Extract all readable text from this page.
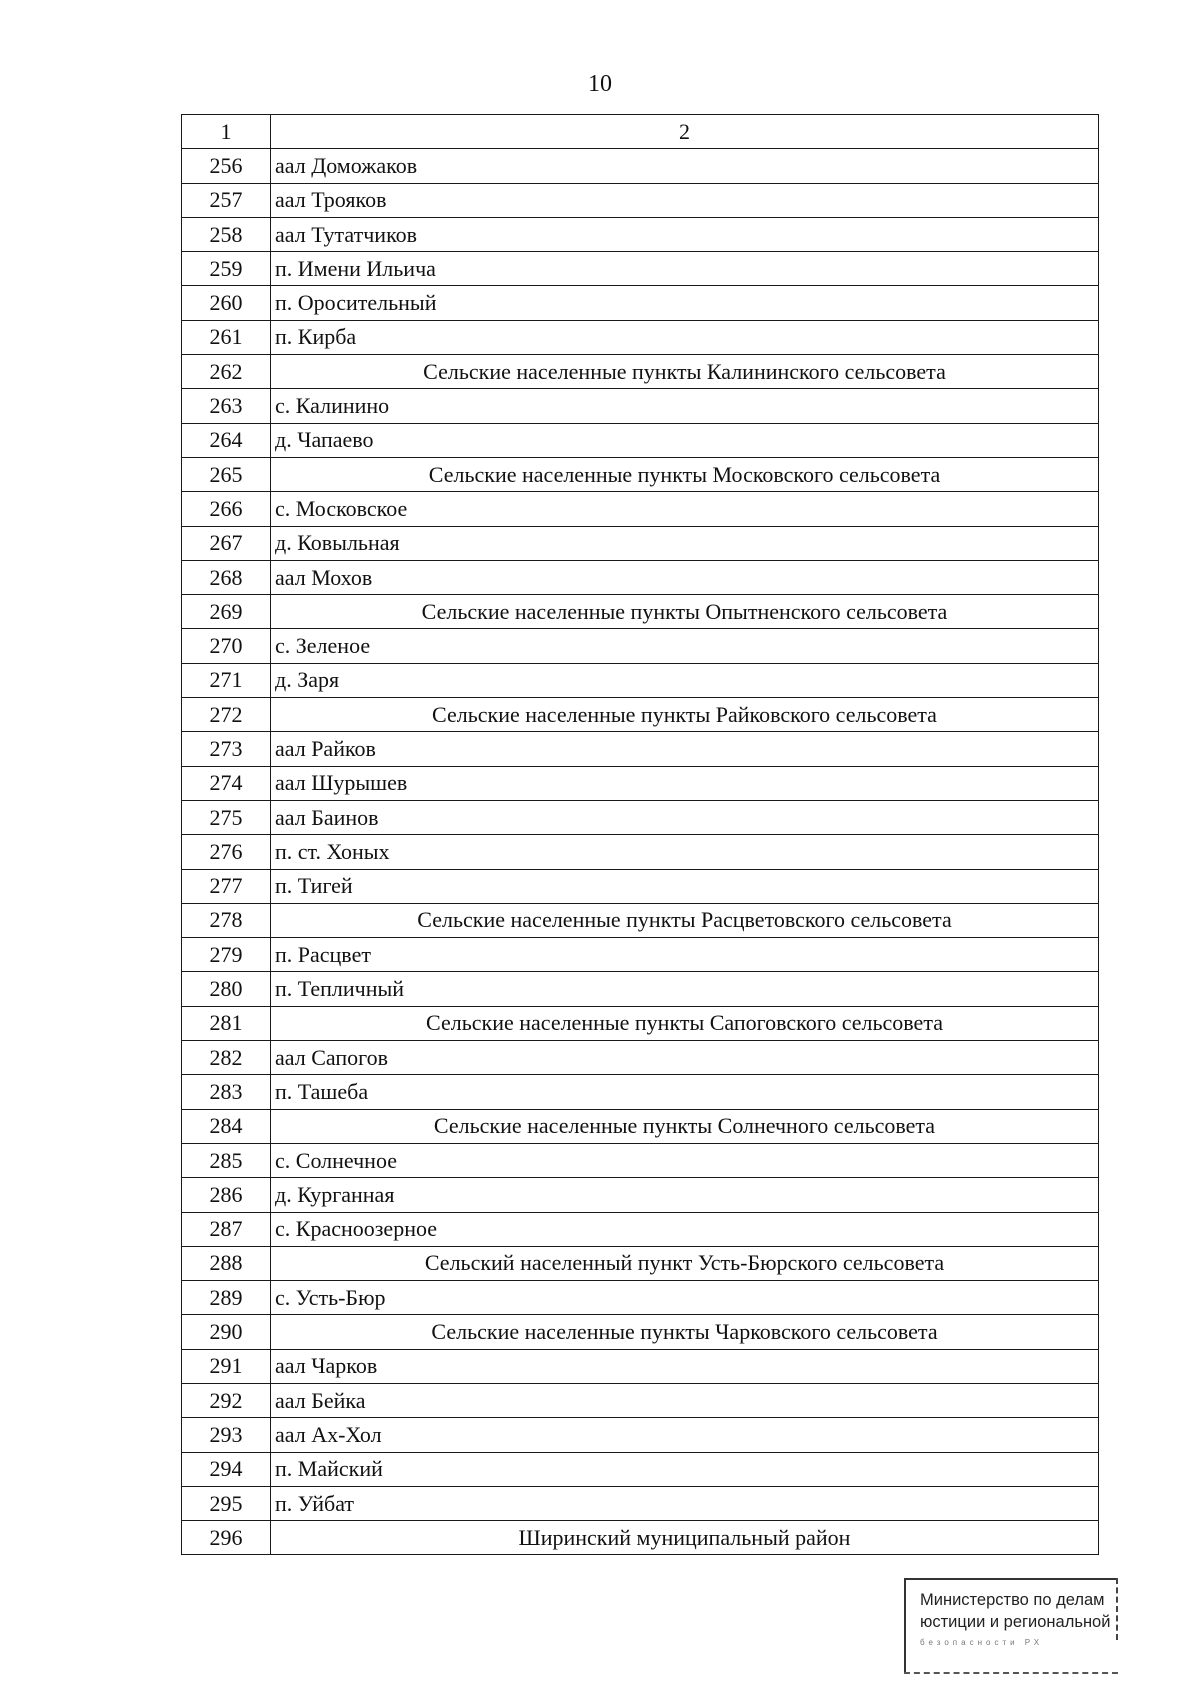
10
1	2
256	аал Доможаков
257	аал Трояков
258	аал Тутатчиков
259	п. Имени Ильича
260	п. Оросительный
261	п. Кирба
262	Сельские населенные пункты Калининского сельсовета
263	с. Калинино
264	д. Чапаево
265	Сельские населенные пункты Московского сельсовета
266	с. Московское
267	д. Ковыльная
268	аал Мохов
269	Сельские населенные пункты Опытненского сельсовета
270	с. Зеленое
271	д. Заря
272	Сельские населенные пункты Райковского сельсовета
273	аал Райков
274	аал Шурышев
275	аал Баинов
276	п. ст. Хоных
277	п. Тигей
278	Сельские населенные пункты Расцветовского сельсовета
279	п. Расцвет
280	п. Тепличный
281	Сельские населенные пункты Сапоговского сельсовета
282	аал Сапогов
283	п. Ташеба
284	Сельские населенные пункты Солнечного сельсовета
285	с. Солнечное
286	д. Курганная
287	с. Красноозерное
288	Сельский населенный пункт Усть-Бюрского сельсовета
289	с. Усть-Бюр
290	Сельские населенные пункты Чарковского сельсовета
291	аал Чарков
292	аал Бейка
293	аал Ах-Хол
294	п. Майский
295	п. Уйбат
296	Ширинский муниципальный район
Министерство по делам
юстиции и региональной
безопасности РХ
